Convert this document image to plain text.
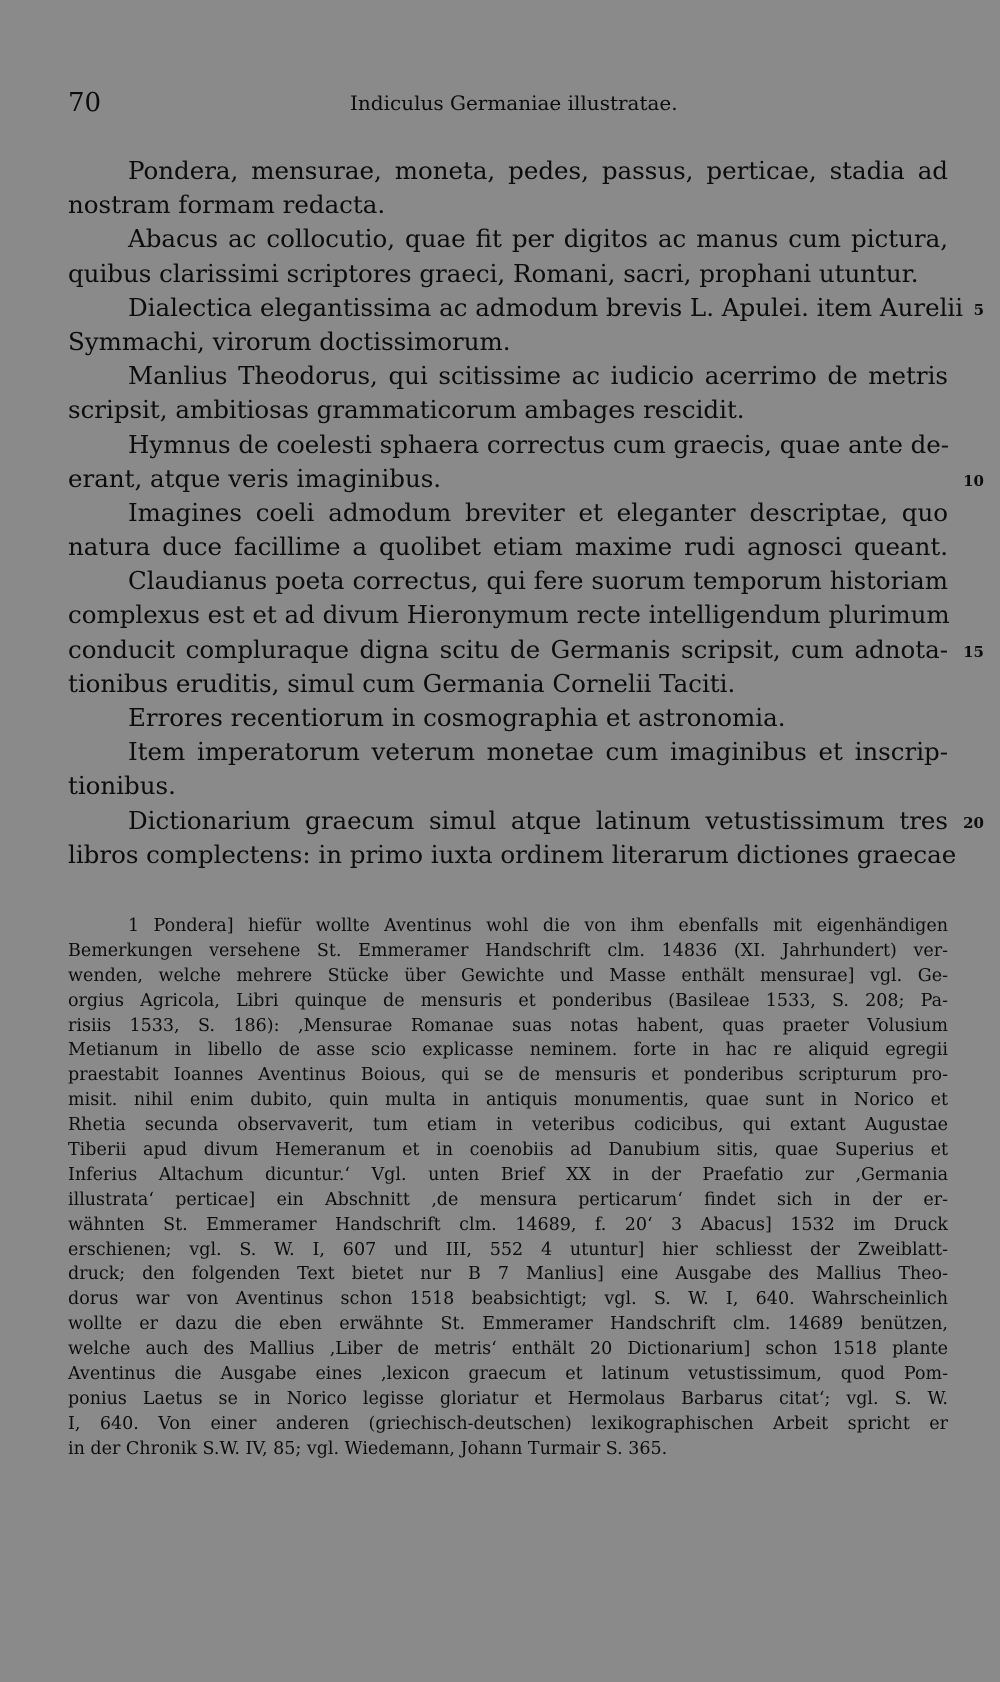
70	Indiculus Germaniae illustratae.
Pondera, mensurae, moneta, pedes, passus, perticae, stadia ad
nostram formam redacta.
Abacus ac collocutio, quae fit per digitos ac manus cum pictura,
quibus clarissimi scriptores graeci, Romani, sacri, prophani utuntur.
Dialectica elegantissima ac admodum brevis L. Apulei. item Aurelii 5
Symmachi, virorum doctissimorum.
Manlius Theodorus, qui scitissime ac iudicio acerrimo de metris
scripsit, ambitiosas grammaticorum ambages rescidit.
Hymnus de coelesti sphaera correctus cum graecis, quae ante de-
erant, atque veris imaginibus.	10
Imagines coeli admodum breviter et eleganter descriptae, quo
natura duce facillime a quolibet etiam maxime rudi agnosci queant.
Claudianus poeta correctus, qui fere suorum temporum historiam
complexus est et ad divum Hieronymum recte intelligendum plurimum
conducit compluraque digna scitu de Germanis scripsit, cum adnota- 15
tionibus eruditis, simul cum Germania Cornelii Taciti.
Errores recentiorum in cosmographia et astronomia.
Item imperatorum veterum monetae cum imaginibus et inscrip-
tionibus.
Dictionarium graecum simul atque latinum vetustissimum tres 20
libros complectens: in primo iuxta ordinem literarum dictiones graecae
1 Pondera] hiefür wollte Aventinus wohl die von ihm ebenfalls mit eigenhändigen
Bemerkungen versehene St. Emmeramer Handschrift clm. 14836 (XI. Jahrhundert) ver-
wenden, welche mehrere Stücke über Gewichte und Masse enthält mensurae] vgl. Ge-
orgius Agricola, Libri quinque de mensuris et ponderibus (Basileae 1533, S. 208; Pa-
risiis 1533, S. 186): ‚Mensurae Romanae suas notas habent, quas praeter Volusium
Metianum in libello de asse scio explicasse neminem. forte in hac re aliquid egregii
praestabit Ioannes Aventinus Boious, qui se de mensuris et ponderibus scripturum pro-
misit. nihil enim dubito, quin multa in antiquis monumentis, quae sunt in Norico et
Rhetia secunda observaverit, tum etiam in veteribus codicibus, qui extant Augustae
Tiberii apud divum Hemeranum et in coenobiis ad Danubium sitis, quae Superius et
Inferius Altachum dicuntur.‘ Vgl. unten Brief XX in der Praefatio zur ‚Germania
illustrata‘ perticae] ein Abschnitt ‚de mensura perticarum‘ findet sich in der er-
wähnten St. Emmeramer Handschrift clm. 14689, f. 20‘ 3 Abacus] 1532 im Druck
erschienen; vgl. S. W. I, 607 und III, 552 4 utuntur] hier schliesst der Zweiblatt-
druck; den folgenden Text bietet nur B 7 Manlius] eine Ausgabe des Mallius Theo-
dorus war von Aventinus schon 1518 beabsichtigt; vgl. S. W. I, 640. Wahrscheinlich
wollte er dazu die eben erwähnte St. Emmeramer Handschrift clm. 14689 benützen,
welche auch des Mallius ‚Liber de metris‘ enthält 20 Dictionarium] schon 1518 plante
Aventinus die Ausgabe eines ‚lexicon graecum et latinum vetustissimum, quod Pom-
ponius Laetus se in Norico legisse gloriatur et Hermolaus Barbarus citat‘; vgl. S. W.
I, 640. Von einer anderen (griechisch-deutschen) lexikographischen Arbeit spricht er
in der Chronik S.W. IV, 85; vgl. Wiedemann, Johann Turmair S. 365.
